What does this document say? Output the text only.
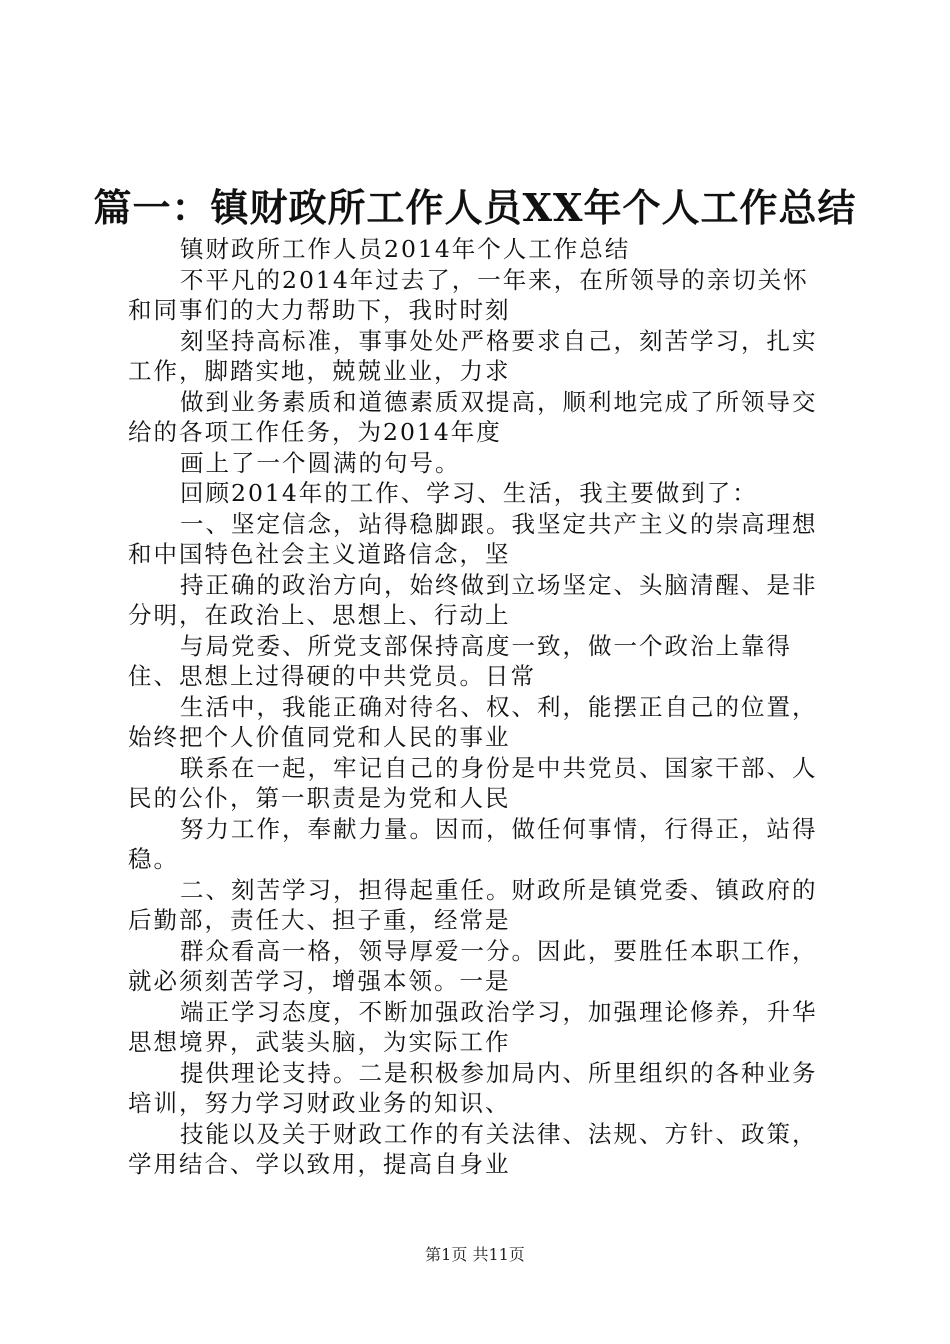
篇一：镇财政所工作人员XX年个人工作总结

镇财政所工作人员2014年个人工作总结

不平凡的2014年过去了，一年来，在所领导的亲切关怀和同事们的大力帮助下，我时时刻

刻坚持高标准，事事处处严格要求自己，刻苦学习，扎实工作，脚踏实地，兢兢业业，力求

做到业务素质和道德素质双提高，顺利地完成了所领导交给的各项工作任务，为2014年度

画上了一个圆满的句号。

回顾2014年的工作、学习、生活，我主要做到了：

一、坚定信念，站得稳脚跟。我坚定共产主义的崇高理想和中国特色社会主义道路信念，坚

持正确的政治方向，始终做到立场坚定、头脑清醒、是非分明，在政治上、思想上、行动上

与局党委、所党支部保持高度一致，做一个政治上靠得住、思想上过得硬的中共党员。日常

生活中，我能正确对待名、权、利，能摆正自己的位置，始终把个人价值同党和人民的事业

联系在一起，牢记自己的身份是中共党员、国家干部、人民的公仆，第一职责是为党和人民

努力工作，奉献力量。因而，做任何事情，行得正，站得稳。

二、刻苦学习，担得起重任。财政所是镇党委、镇政府的后勤部，责任大、担子重，经常是

群众看高一格，领导厚爱一分。因此，要胜任本职工作，就必须刻苦学习，增强本领。一是

端正学习态度，不断加强政治学习，加强理论修养，升华思想境界，武装头脑，为实际工作

提供理论支持。二是积极参加局内、所里组织的各种业务培训，努力学习财政业务的知识、

技能以及关于财政工作的有关法律、法规、方针、政策，学用结合、学以致用，提高自身业

第1页 共11页
